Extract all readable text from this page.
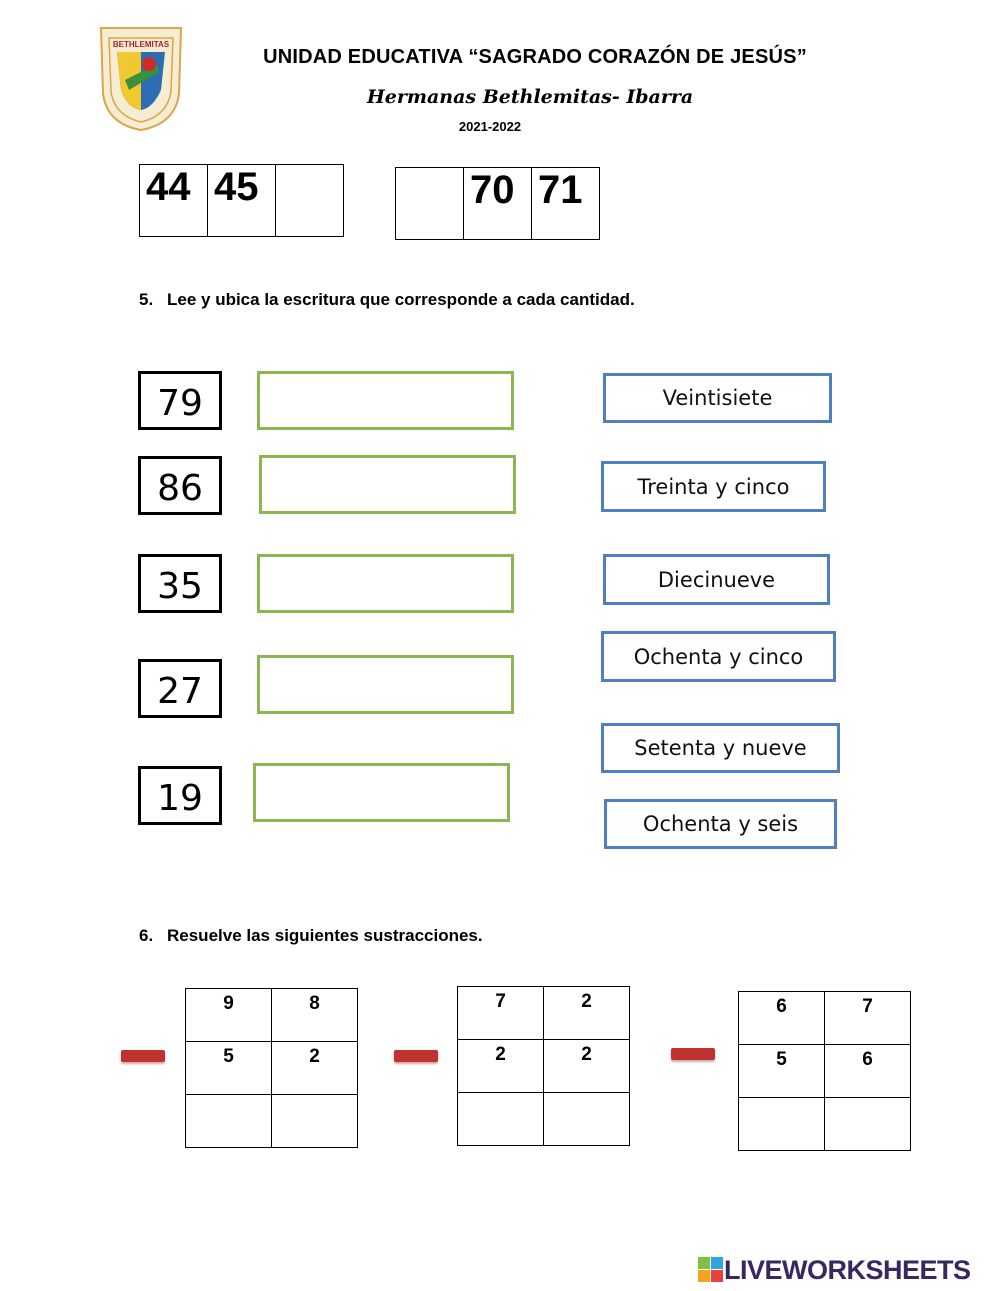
BETHLEMITAS
UNIDAD EDUCATIVA “SAGRADO CORAZÓN DE JESÚS”
Hermanas Bethlemitas- Ibarra
2021-2022
44	45	
		70	71
5. Lee y ubica la escritura que corresponde a cada cantidad.
79
86
35
27
19
Veintisiete
Treinta y cinco
Diecinueve
Ochenta y cinco
Setenta y nueve
Ochenta y seis
6. Resuelve las siguientes sustracciones.
9	8
5	2

7	2
2	2

6	7
5	6

LIVEWORKSHEETS
